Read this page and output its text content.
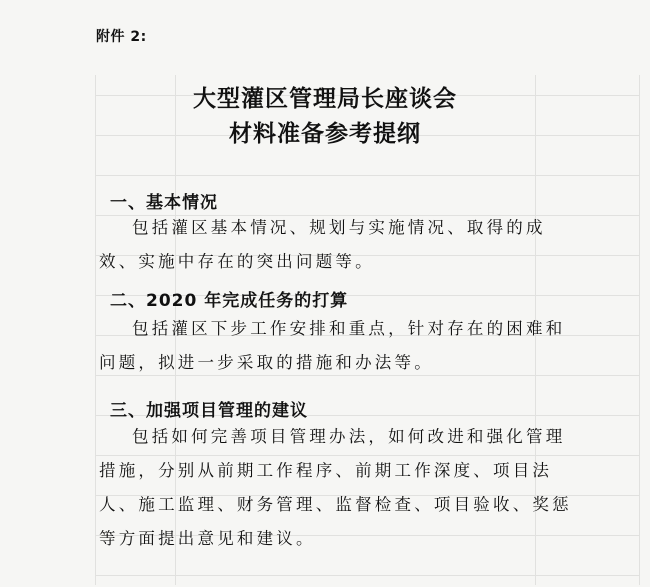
附件 2:
大型灌区管理局长座谈会
材料准备参考提纲
一、基本情况

包括灌区基本情况、规划与实施情况、取得的成效、实施中存在的突出问题等。

二、2020 年完成任务的打算

包括灌区下步工作安排和重点，针对存在的困难和问题，拟进一步采取的措施和办法等。

三、加强项目管理的建议

包括如何完善项目管理办法，如何改进和强化管理措施，分别从前期工作程序、前期工作深度、项目法人、施工监理、财务管理、监督检查、项目验收、奖惩等方面提出意见和建议。
